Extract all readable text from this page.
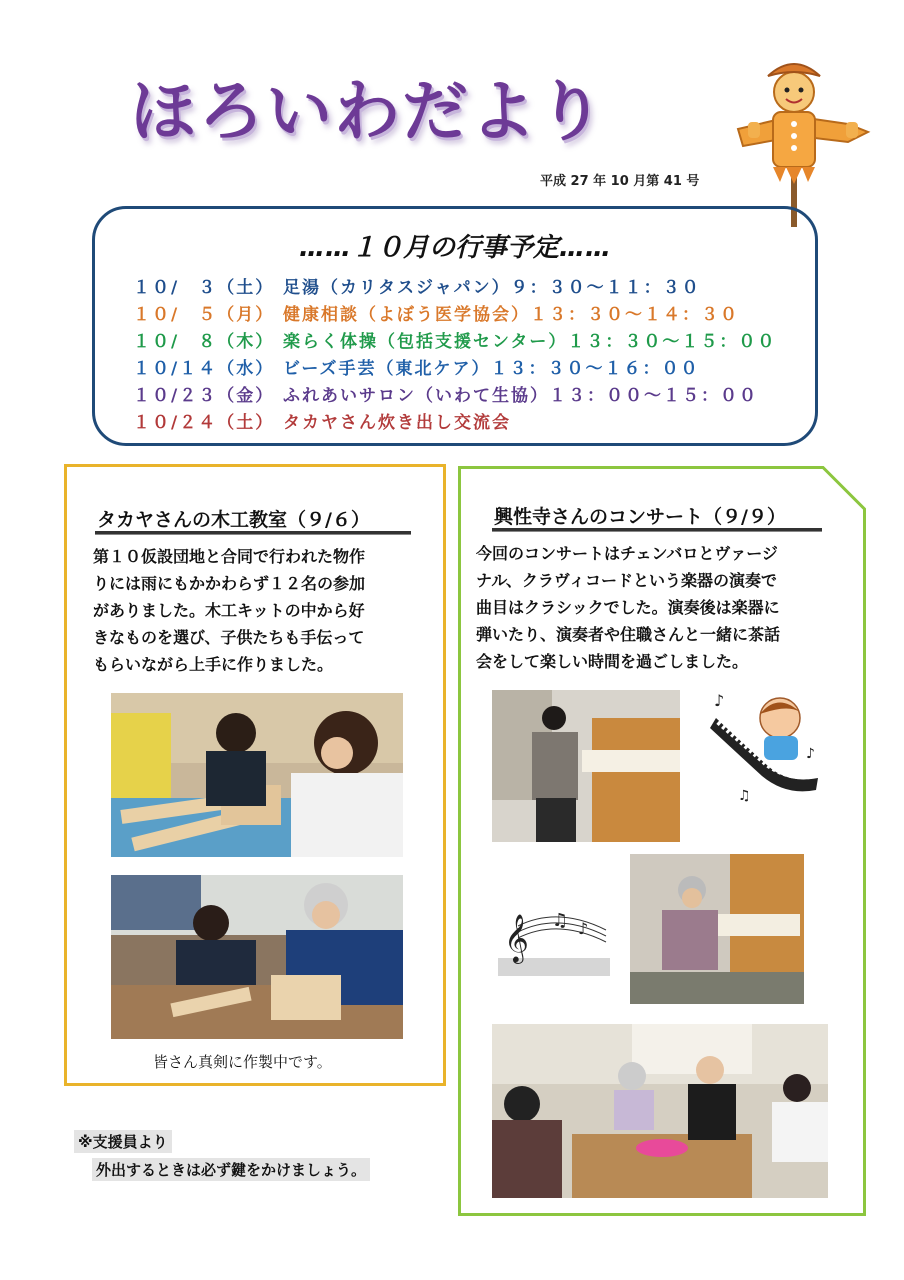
ほろいわだより
平成 27 年 10 月第 41 号
……１０月の行事予定……
１０/　３（土） 足湯（カリタスジャパン）９：３０～１１：３０
１０/　５（月） 健康相談（よぼう医学協会）１３：３０～１４：３０
１０/　８（木） 楽らく体操（包括支援センター）１３：３０～１５：００
１０/１４（水） ビーズ手芸（東北ケア）１３：３０～１６：００
１０/２３（金） ふれあいサロン（いわて生協）１３：００～１５：００
１０/２４（土） タカヤさん炊き出し交流会
タカヤさんの木工教室（９/６）
第１０仮設団地と合同で行われた物作
りには雨にもかかわらず１２名の参加
がありました。木工キットの中から好
きなものを選び、子供たちも手伝って
もらいながら上手に作りました。
皆さん真剣に作製中です。
興性寺さんのコンサート（９/９）
今回のコンサートはチェンバロとヴァージ
ナル、クラヴィコードという楽器の演奏で
曲目はクラシックでした。演奏後は楽器に
弾いたり、演奏者や住職さんと一緒に茶話
会をして楽しい時間を過ごしました。
♪
♪
♫
𝄞 ♫ ♪
※支援員より
外出するときは必ず鍵をかけましょう。
